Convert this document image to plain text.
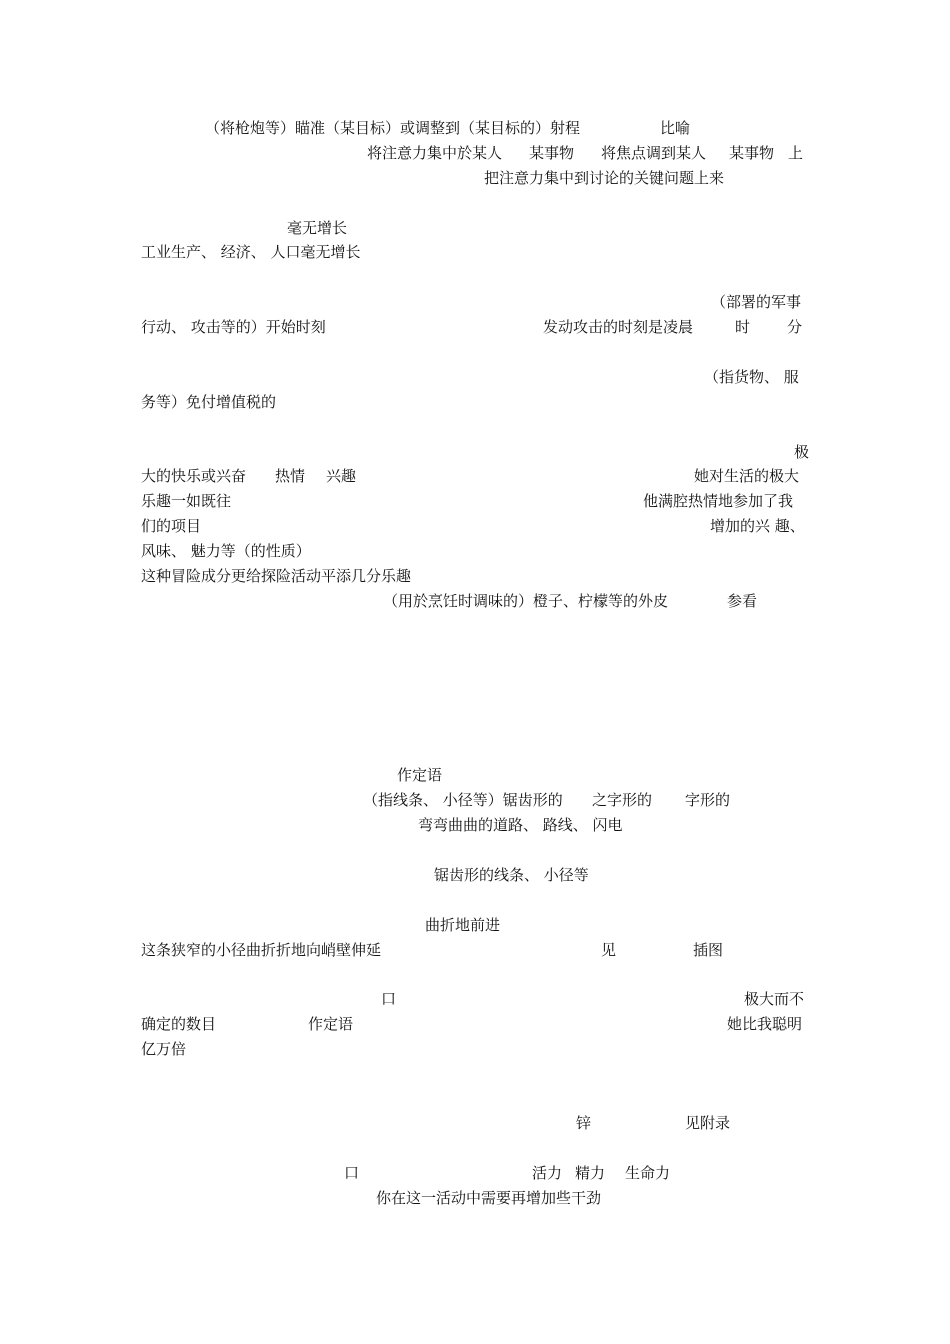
（将枪炮等）瞄准（某目标）或调整到（某目标的）射程	比喻
将注意力集中於某人 某事物 将焦点调到某人 某事物 上
把注意力集中到讨论的关键问题上来
毫无增长
工业生产、 经济、 人口毫无增长
（部署的军事
行动、 攻击等的）开始时刻	发动攻击的时刻是凌晨	时 分
（指货物、 服
务等）免付增值税的
极
大的快乐或兴奋 热情 兴趣	她对生活的极大
乐趣一如既往	他满腔热情地参加了我
们的项目	增加的兴 趣、
风味、 魅力等（的性质）
这种冒险成分更给探险活动平添几分乐趣
（用於烹饪时调味的）橙子、柠檬等的外皮	参看
作定语
（指线条、 小径等）锯齿形的 之字形的 字形的
弯弯曲曲的道路、 路线、 闪电
锯齿形的线条、 小径等
曲折地前进
这条狭窄的小径曲折折地向峭壁伸延	见	插图
口	极大而不
确定的数目	作定语	她比我聪明
亿万倍
锌	见附录
口	活力 精力 生命力
你在这一活动中需要再增加些干劲
